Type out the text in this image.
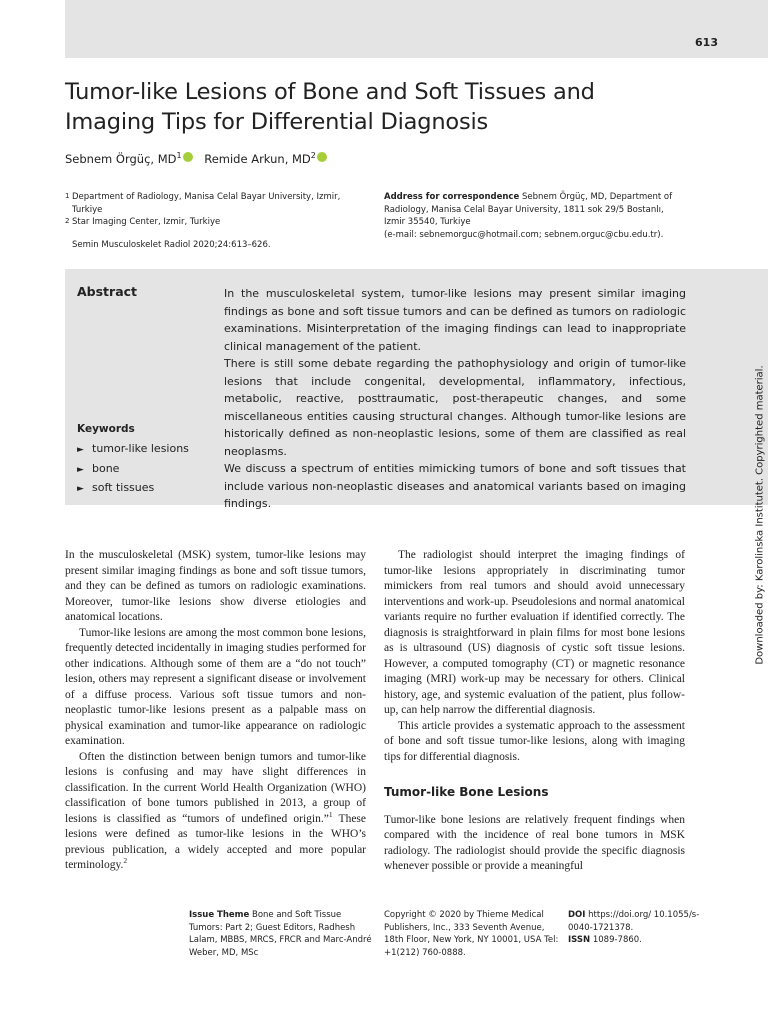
613
Tumor-like Lesions of Bone and Soft Tissues and Imaging Tips for Differential Diagnosis
Sebnem Örgüç, $MD^1$ Remide Arkun, $MD^2$

1 Department of Radiology, Manisa Celal Bayar University, Izmir,

Turkiye

2 Star Imaging Center, Izmir, Turkiye

Address for correspondence Sebnem Örgüç, MD, Department of Radiology, Manisa Celal Bayar University, 1811 sok 29/5 Bostanlı, Izmir 35540, Turkiye
(e-mail: sebnemorguc@hotmail.com; sebnem.orguc@cbu.edu.tr).
Semin Musculoskelet Radiol 2020;24:613–626.
Abstract	In the musculoskeletal system, tumor-like lesions may present similar imaging findings as bone and soft tissue tumors and can be defined as tumors on radiologic examinations. Misinterpretation of the imaging findings can lead to inappropriate clinical management of the patient.

There is still some debate regarding the pathophysiology and origin of tumor-like lesions that include congenital, developmental, inflammatory, infectious, metabolic, reactive, posttraumatic, post-therapeutic changes, and some miscellaneous entities causing structural changes. Although tumor-like lesions are historically defined as non-neoplastic lesions, some of them are classified as real neoplasms.

We discuss a spectrum of entities mimicking tumors of bone and soft tissues that include various non-neoplastic diseases and anatomical variants based on imaging findings.

Keywords
► tumor-like lesions
► bone
► soft tissues

In the musculoskeletal (MSK) system, tumor-like lesions may present similar imaging findings as bone and soft tissue tumors, and they can be defined as tumors on radiologic examinations. Moreover, tumor-like lesions show diverse etiologies and anatomical locations.

Tumor-like lesions are among the most common bone lesions, frequently detected incidentally in imaging studies performed for other indications. Although some of them are a “do not touch” lesion, others may represent a significant disease or involvement of a diffuse process. Various soft tissue tumors and non-neoplastic tumor-like lesions present as a palpable mass on physical examination and tumor-like appearance on radiologic examination.

Often the distinction between benign tumors and tumor-like lesions is confusing and may have slight differences in classification. In the current World Health Organization (WHO) classification of bone tumors published in 2013, a group of lesions is classified as “tumors of undefined origin.”$^1$ These lesions were defined as tumor-like lesions in the WHO’s previous publication, a widely accepted and more popular terminology.$^2$

The radiologist should interpret the imaging findings of tumor-like lesions appropriately in discriminating tumor mimickers from real tumors and should avoid unnecessary interventions and work-up. Pseudolesions and normal anatomical variants require no further evaluation if identified correctly. The diagnosis is straightforward in plain films for most bone lesions as is ultrasound (US) diagnosis of cystic soft tissue lesions. However, a computed tomography (CT) or magnetic resonance imaging (MRI) work-up may be necessary for others. Clinical history, age, and systemic evaluation of the patient, plus follow-up, can help narrow the differential diagnosis.

This article provides a systematic approach to the assessment of bone and soft tissue tumor-like lesions, along with imaging tips for differential diagnosis.

Tumor-like Bone Lesions

Tumor-like bone lesions are relatively frequent findings when compared with the incidence of real bone tumors in MSK radiology. The radiologist should provide the specific diagnosis whenever possible or provide a meaningful

Downloaded by: Karolinska Institutet. Copyrighted material.
Issue Theme Bone and Soft Tissue Tumors: Part 2; Guest Editors, Radhesh Lalam, MBBS, MRCS, FRCR and Marc-André Weber, MD, MSc
Copyright © 2020 by Thieme Medical Publishers, Inc., 333 Seventh Avenue, 18th Floor, New York, NY 10001, USA Tel: +1(212) 760-0888.
DOI https://doi.org/ 10.1055/s-0040-1721378.
ISSN 1089-7860.
